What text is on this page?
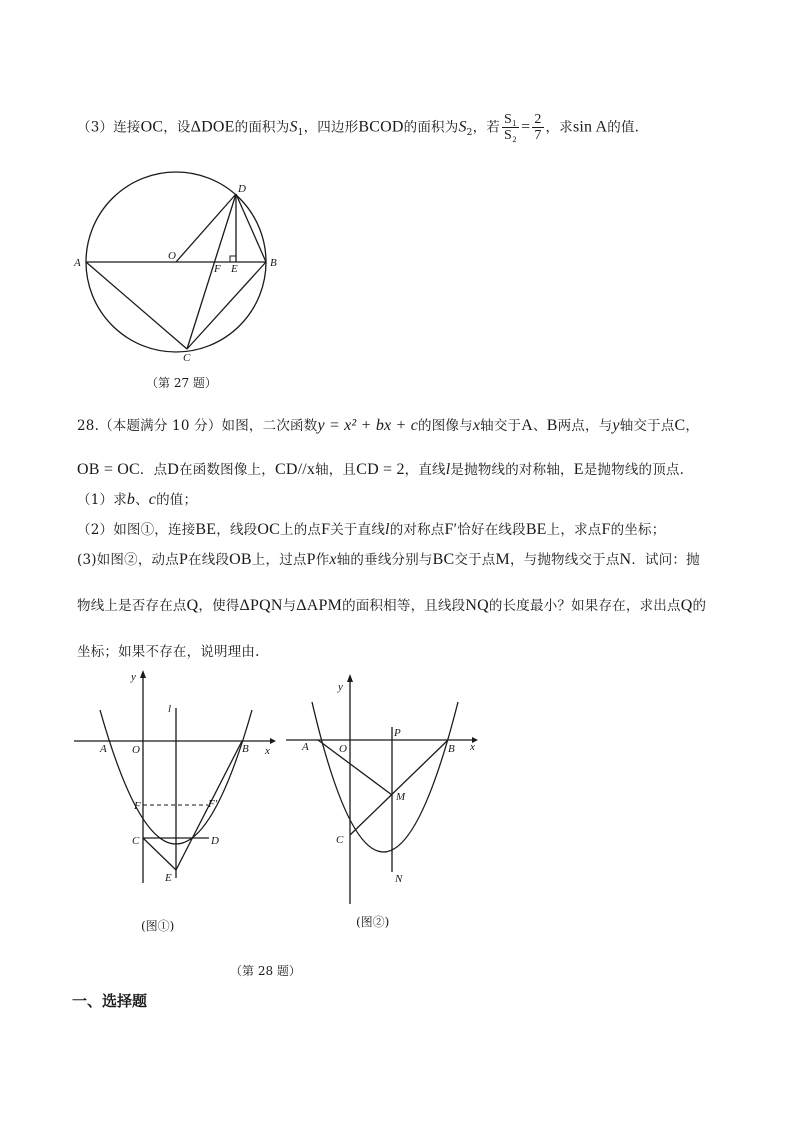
（3）连接OC，设ΔDOE的面积为$S_1$，四边形BCOD的面积为$S_2$，若 $\frac{\text{S₁}}{\text{S₂}} = \frac{2}{7}$ ，求sin A的值.
A	B
C
D
O
F E
（第 27 题）
28.（本题满分 10 分）如图，二次函数y = x² + bx + c的图像与x轴交于A、B两点，与y轴交于点C，
OB = OC．点D在函数图像上，CD//x轴，且CD = 2，直线l是抛物线的对称轴，E是抛物线的顶点.
（1）求b、c的值；
（2）如图①，连接BE，线段OC上的点F关于直线l的对称点F′恰好在线段BE上，求点F的坐标；
(3)如图②，动点P在线段OB上，过点P作x轴的垂线分别与BC交于点M，与抛物线交于点N．试问：抛
物线上是否存在点Q，使得ΔPQN与ΔAPM的面积相等，且线段NQ的长度最小？如果存在，求出点Q的
坐标；如果不存在，说明理由.
y
l
A O	B x
F	F′
C	D
E
(图①)
y
P
A	O	B x
M
C
N
(图②)
（第 28 题）
一、选择题
